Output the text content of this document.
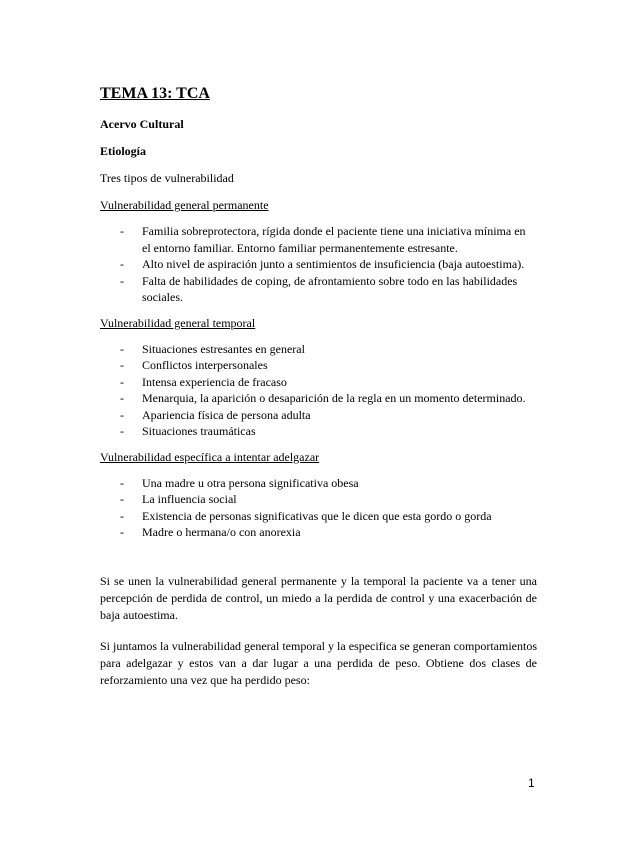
TEMA 13: TCA
Acervo Cultural
Etiología
Tres tipos de vulnerabilidad
Vulnerabilidad general permanente
- Familia sobreprotectora, rígida donde el paciente tiene una iniciativa mínima en el entorno familiar. Entorno familiar permanentemente estresante.
- Alto nivel de aspiración junto a sentimientos de insuficiencia (baja autoestima).
- Falta de habilidades de coping, de afrontamiento sobre todo en las habilidades sociales.
Vulnerabilidad general temporal
- Situaciones estresantes en general
- Conflictos interpersonales
- Intensa experiencia de fracaso
- Menarquia, la aparición o desaparición de la regla en un momento determinado.
- Apariencia física de persona adulta
- Situaciones traumáticas
Vulnerabilidad específica a intentar adelgazar
- Una madre u otra persona significativa obesa
- La influencia social
- Existencia de personas significativas que le dicen que esta gordo o gorda
- Madre o hermana/o con anorexia
Si se unen la vulnerabilidad general permanente y la temporal la paciente va a tener una percepción de perdida de control, un miedo a la perdida de control y una exacerbación de baja autoestima.
Si juntamos la vulnerabilidad general temporal y la especifica se generan comportamientos para adelgazar y estos van a dar lugar a una perdida de peso. Obtiene dos clases de reforzamiento una vez que ha perdido peso:
1
